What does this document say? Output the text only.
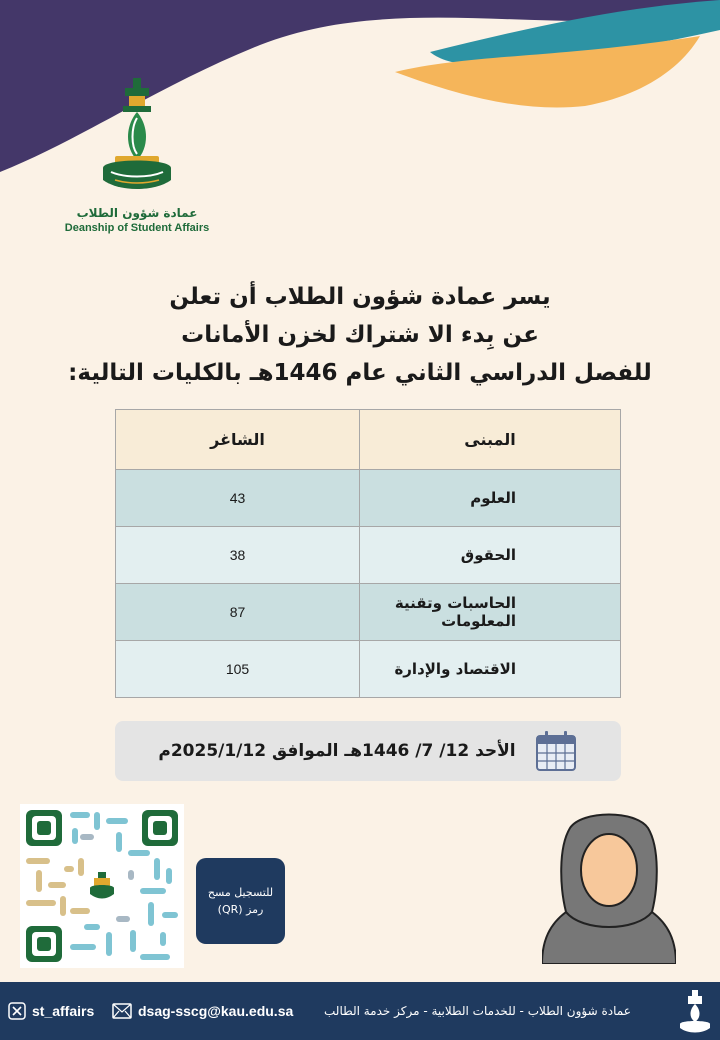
عمادة شؤون الطلاب
Deanship of Student Affairs
يسر عمادة شؤون الطلاب أن تعلن
عن بِدء الا شتراك لخزن الأمانات
للفصل الدراسي الثاني عام 1446هـ بالكليات التالية:
المبنى	الشاغر
العلوم	43
الحقوق	38
الحاسبات وتقنية المعلومات	87
الاقتصاد والإدارة	105
الأحد 12/ 7/ 1446هـ الموافق 2025/1/12م
للتسجيل مسح
رمز (QR)
st_affairs	dsag-sscg@kau.edu.sa	عمادة شؤون الطلاب - للخدمات الطلابية - مركز خدمة الطالب
